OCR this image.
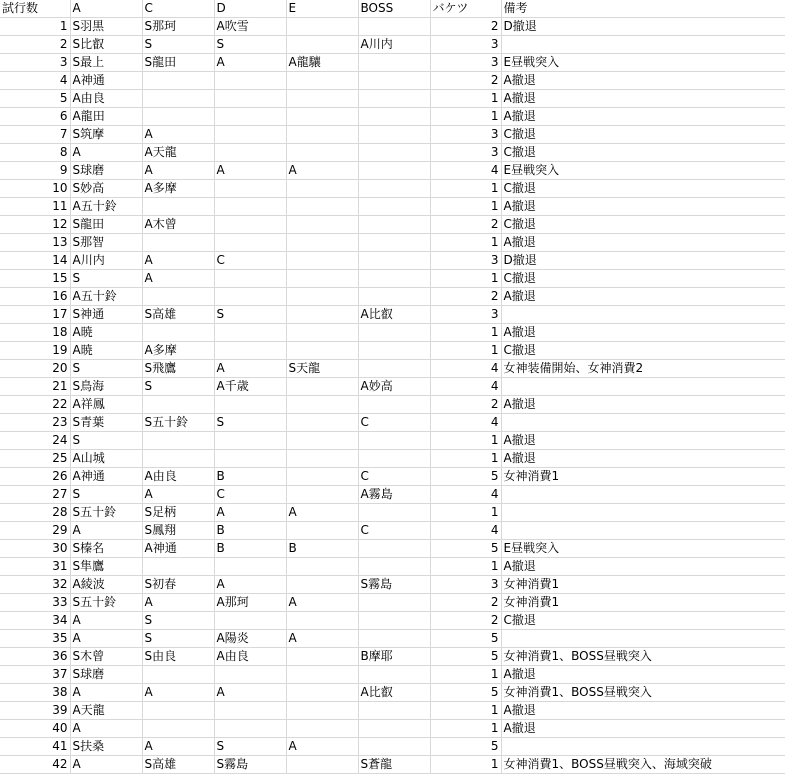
試行数	A	C	D	E	BOSS	バケツ	備考
1	S羽黒	S那珂	A吹雪			2	D撤退
2	S比叡	S	S		A川内	3	
3	S最上	S龍田	A	A龍驤		3	E昼戦突入
4	A神通					2	A撤退
5	A由良					1	A撤退
6	A龍田					1	A撤退
7	S筑摩	A				3	C撤退
8	A	A天龍				3	C撤退
9	S球磨	A	A	A		4	E昼戦突入
10	S妙高	A多摩				1	C撤退
11	A五十鈴					1	A撤退
12	S龍田	A木曾				2	C撤退
13	S那智					1	A撤退
14	A川内	A	C			3	D撤退
15	S	A				1	C撤退
16	A五十鈴					2	A撤退
17	S神通	S高雄	S		A比叡	3	
18	A暁					1	A撤退
19	A暁	A多摩				1	C撤退
20	S	S飛鷹	A	S天龍		4	女神装備開始、女神消費2
21	S鳥海	S	A千歳		A妙高	4	
22	A祥鳳					2	A撤退
23	S青葉	S五十鈴	S		C	4	
24	S					1	A撤退
25	A山城					1	A撤退
26	A神通	A由良	B		C	5	女神消費1
27	S	A	C		A霧島	4	
28	S五十鈴	S足柄	A	A		1	
29	A	S鳳翔	B		C	4	
30	S榛名	A神通	B	B		5	E昼戦突入
31	S隼鷹					1	A撤退
32	A綾波	S初春	A		S霧島	3	女神消費1
33	S五十鈴	A	A那珂	A		2	女神消費1
34	A	S				2	C撤退
35	A	S	A陽炎	A		5	
36	S木曾	S由良	A由良		B摩耶	5	女神消費1、BOSS昼戦突入
37	S球磨					1	A撤退
38	A	A	A		A比叡	5	女神消費1、BOSS昼戦突入
39	A天龍					1	A撤退
40	A					1	A撤退
41	S扶桑	A	S	A		5	
42	A	S高雄	S霧島		S蒼龍	1	女神消費1、BOSS昼戦突入、海域突破
